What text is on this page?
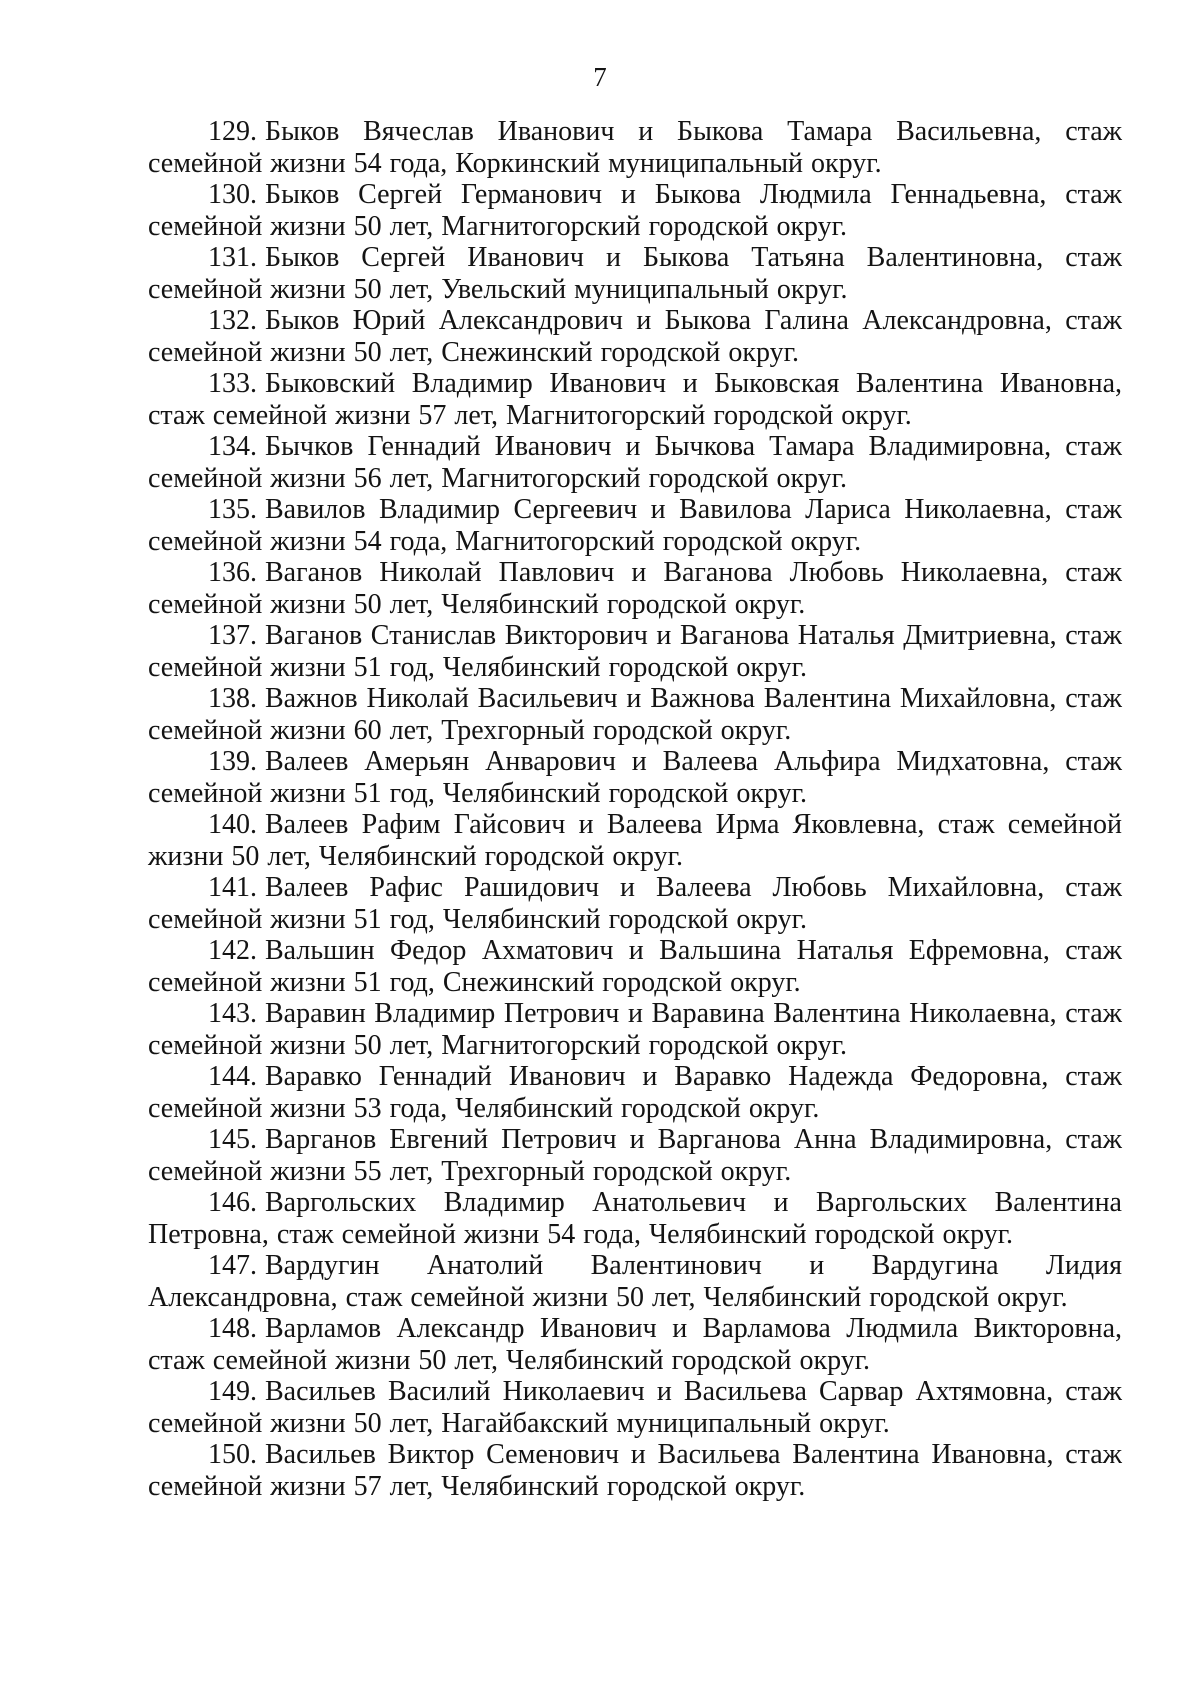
7

129. Быков Вячеслав Иванович и Быкова Тамара Васильевна, стаж семейной жизни 54 года, Коркинский муниципальный округ.

130. Быков Сергей Германович и Быкова Людмила Геннадьевна, стаж семейной жизни 50 лет, Магнитогорский городской округ.

131. Быков Сергей Иванович и Быкова Татьяна Валентиновна, стаж семейной жизни 50 лет, Увельский муниципальный округ.

132. Быков Юрий Александрович и Быкова Галина Александровна, стаж семейной жизни 50 лет, Снежинский городской округ.

133. Быковский Владимир Иванович и Быковская Валентина Ивановна, стаж семейной жизни 57 лет, Магнитогорский городской округ.

134. Бычков Геннадий Иванович и Бычкова Тамара Владимировна, стаж семейной жизни 56 лет, Магнитогорский городской округ.

135. Вавилов Владимир Сергеевич и Вавилова Лариса Николаевна, стаж семейной жизни 54 года, Магнитогорский городской округ.

136. Ваганов Николай Павлович и Ваганова Любовь Николаевна, стаж семейной жизни 50 лет, Челябинский городской округ.

137. Ваганов Станислав Викторович и Ваганова Наталья Дмитриевна, стаж семейной жизни 51 год, Челябинский городской округ.

138. Важнов Николай Васильевич и Важнова Валентина Михайловна, стаж семейной жизни 60 лет, Трехгорный городской округ.

139. Валеев Амерьян Анварович и Валеева Альфира Мидхатовна, стаж семейной жизни 51 год, Челябинский городской округ.

140. Валеев Рафим Гайсович и Валеева Ирма Яковлевна, стаж семейной жизни 50 лет, Челябинский городской округ.

141. Валеев Рафис Рашидович и Валеева Любовь Михайловна, стаж семейной жизни 51 год, Челябинский городской округ.

142. Вальшин Федор Ахматович и Вальшина Наталья Ефремовна, стаж семейной жизни 51 год, Снежинский городской округ.

143. Варавин Владимир Петрович и Варавина Валентина Николаевна, стаж семейной жизни 50 лет, Магнитогорский городской округ.

144. Варавко Геннадий Иванович и Варавко Надежда Федоровна, стаж семейной жизни 53 года, Челябинский городской округ.

145. Варганов Евгений Петрович и Варганова Анна Владимировна, стаж семейной жизни 55 лет, Трехгорный городской округ.

146. Варгольских Владимир Анатольевич и Варгольских Валентина Петровна, стаж семейной жизни 54 года, Челябинский городской округ.

147. Вардугин Анатолий Валентинович и Вардугина Лидия Александровна, стаж семейной жизни 50 лет, Челябинский городской округ.

148. Варламов Александр Иванович и Варламова Людмила Викторовна, стаж семейной жизни 50 лет, Челябинский городской округ.

149. Васильев Василий Николаевич и Васильева Сарвар Ахтямовна, стаж семейной жизни 50 лет, Нагайбакский муниципальный округ.

150. Васильев Виктор Семенович и Васильева Валентина Ивановна, стаж семейной жизни 57 лет, Челябинский городской округ.
